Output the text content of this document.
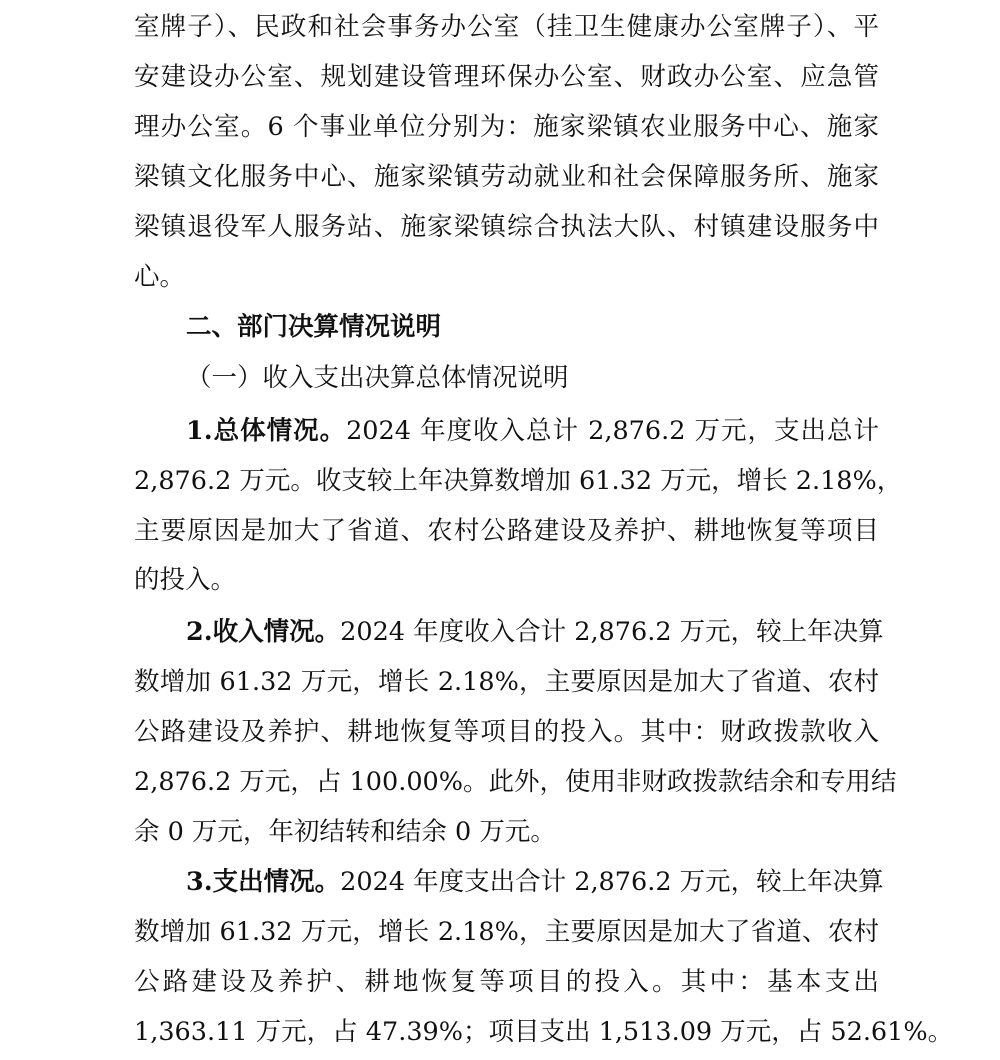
室牌子）、民政和社会事务办公室（挂卫生健康办公室牌子）、平
安建设办公室、规划建设管理环保办公室、财政办公室、应急管
理办公室。6 个事业单位分别为：施家梁镇农业服务中心、施家
梁镇文化服务中心、施家梁镇劳动就业和社会保障服务所、施家
梁镇退役军人服务站、施家梁镇综合执法大队、村镇建设服务中
心。
二、部门决算情况说明
（一）收入支出决算总体情况说明
1.总体情况。2024 年度收入总计 2,876.2 万元，支出总计
2,876.2 万元。收支较上年决算数增加 61.32 万元，增长 2.18%，
主要原因是加大了省道、农村公路建设及养护、耕地恢复等项目
的投入。
2.收入情况。2024 年度收入合计 2,876.2 万元，较上年决算
数增加 61.32 万元，增长 2.18%，主要原因是加大了省道、农村
公路建设及养护、耕地恢复等项目的投入。其中：财政拨款收入
2,876.2 万元，占 100.00%。此外，使用非财政拨款结余和专用结
余 0 万元，年初结转和结余 0 万元。
3.支出情况。2024 年度支出合计 2,876.2 万元，较上年决算
数增加 61.32 万元，增长 2.18%，主要原因是加大了省道、农村
公路建设及养护、耕地恢复等项目的投入。其中：基本支出
1,363.11 万元，占 47.39%；项目支出 1,513.09 万元，占 52.61%。
